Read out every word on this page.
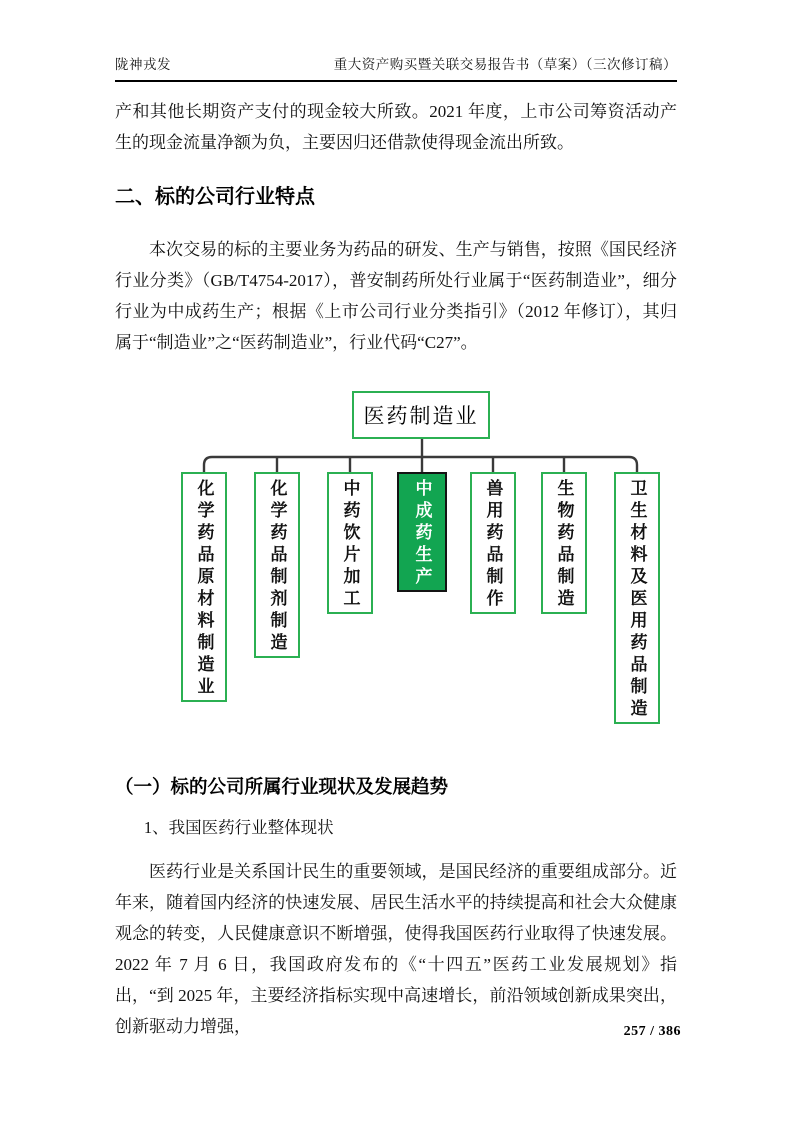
陇神戎发	重大资产购买暨关联交易报告书（草案）（三次修订稿）

产和其他长期资产支付的现金较大所致。2021 年度，上市公司筹资活动产生的现金流量净额为负，主要因归还借款使得现金流出所致。

二、标的公司行业特点

本次交易的标的主要业务为药品的研发、生产与销售，按照《国民经济行业分类》（GB/T4754-2017），普安制药所处行业属于“医药制造业”，细分行业为中成药生产；根据《上市公司行业分类指引》（2012 年修订），其归属于“制造业”之“医药制造业”，行业代码“C27”。

医药制造业
化学药品原材料制造业	化学药品制剂制造	中药饮片加工	中成药生产	兽用药品制作	生物药品制造	卫生材料及医用药品制造
（一）标的公司所属行业现状及发展趋势

1、我国医药行业整体现状

医药行业是关系国计民生的重要领域，是国民经济的重要组成部分。近年来，随着国内经济的快速发展、居民生活水平的持续提高和社会大众健康观念的转变，人民健康意识不断增强，使得我国医药行业取得了快速发展。2022 年 7 月 6 日，我国政府发布的《“十四五”医药工业发展规划》指出，“到 2025 年，主要经济指标实现中高速增长，前沿领域创新成果突出，创新驱动力增强，	257 / 386
